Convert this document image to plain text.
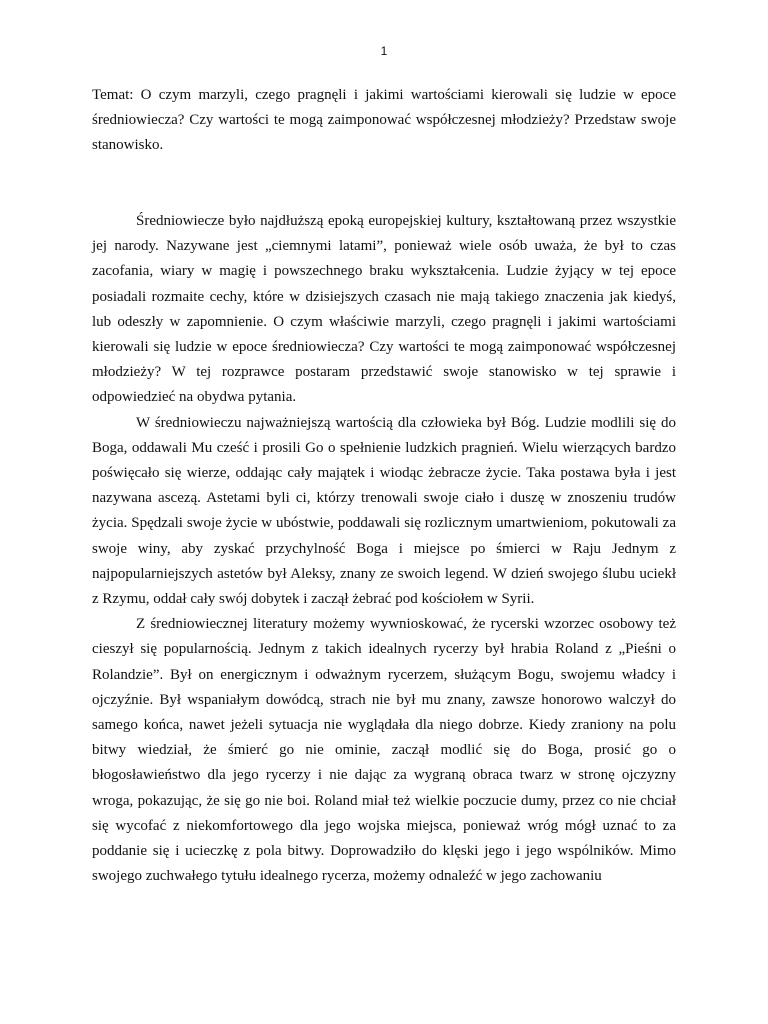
1

Temat: O czym marzyli, czego pragnęli i jakimi wartościami kierowali się ludzie w epoce średniowiecza? Czy wartości te mogą zaimponować współczesnej młodzieży? Przedstaw swoje stanowisko.

Średniowiecze było najdłuższą epoką europejskiej kultury, kształtowaną przez wszystkie jej narody. Nazywane jest „ciemnymi latami”, ponieważ wiele osób uważa, że był to czas zacofania, wiary w magię i powszechnego braku wykształcenia. Ludzie żyjący w tej epoce posiadali rozmaite cechy, które w dzisiejszych czasach nie mają takiego znaczenia jak kiedyś, lub odeszły w zapomnienie. O czym właściwie marzyli, czego pragnęli i jakimi wartościami kierowali się ludzie w epoce średniowiecza? Czy wartości te mogą zaimponować współczesnej młodzieży? W tej rozprawce postaram przedstawić swoje stanowisko w tej sprawie i odpowiedzieć na obydwa pytania.

W średniowieczu najważniejszą wartością dla człowieka był Bóg. Ludzie modlili się do Boga, oddawali Mu cześć i prosili Go o spełnienie ludzkich pragnień. Wielu wierzących bardzo poświęcało się wierze, oddając cały majątek i wiodąc żebracze życie. Taka postawa była i jest nazywana ascezą. Astetami byli ci, którzy trenowali swoje ciało i duszę w znoszeniu trudów życia. Spędzali swoje życie w ubóstwie, poddawali się rozlicznym umartwieniom, pokutowali za swoje winy, aby zyskać przychylność Boga i miejsce po śmierci w Raju Jednym z najpopularniejszych astetów był Aleksy, znany ze swoich legend. W dzień swojego ślubu uciekł z Rzymu, oddał cały swój dobytek i zaczął żebrać pod kościołem w Syrii.

Z średniowiecznej literatury możemy wywnioskować, że rycerski wzorzec osobowy też cieszył się popularnością. Jednym z takich idealnych rycerzy był hrabia Roland z „Pieśni o Rolandzie”. Był on energicznym i odważnym rycerzem, służącym Bogu, swojemu władcy i ojczyźnie. Był wspaniałym dowódcą, strach nie był mu znany, zawsze honorowo walczył do samego końca, nawet jeżeli sytuacja nie wyglądała dla niego dobrze. Kiedy zraniony na polu bitwy wiedział, że śmierć go nie ominie, zaczął modlić się do Boga, prosić go o błogosławieństwo dla jego rycerzy i nie dając za wygraną obraca twarz w stronę ojczyzny wroga, pokazując, że się go nie boi. Roland miał też wielkie poczucie dumy, przez co nie chciał się wycofać z niekomfortowego dla jego wojska miejsca, ponieważ wróg mógł uznać to za poddanie się i ucieczkę z pola bitwy. Doprowadziło do klęski jego i jego wspólników. Mimo swojego zuchwałego tytułu idealnego rycerza, możemy odnaleźć w jego zachowaniu
